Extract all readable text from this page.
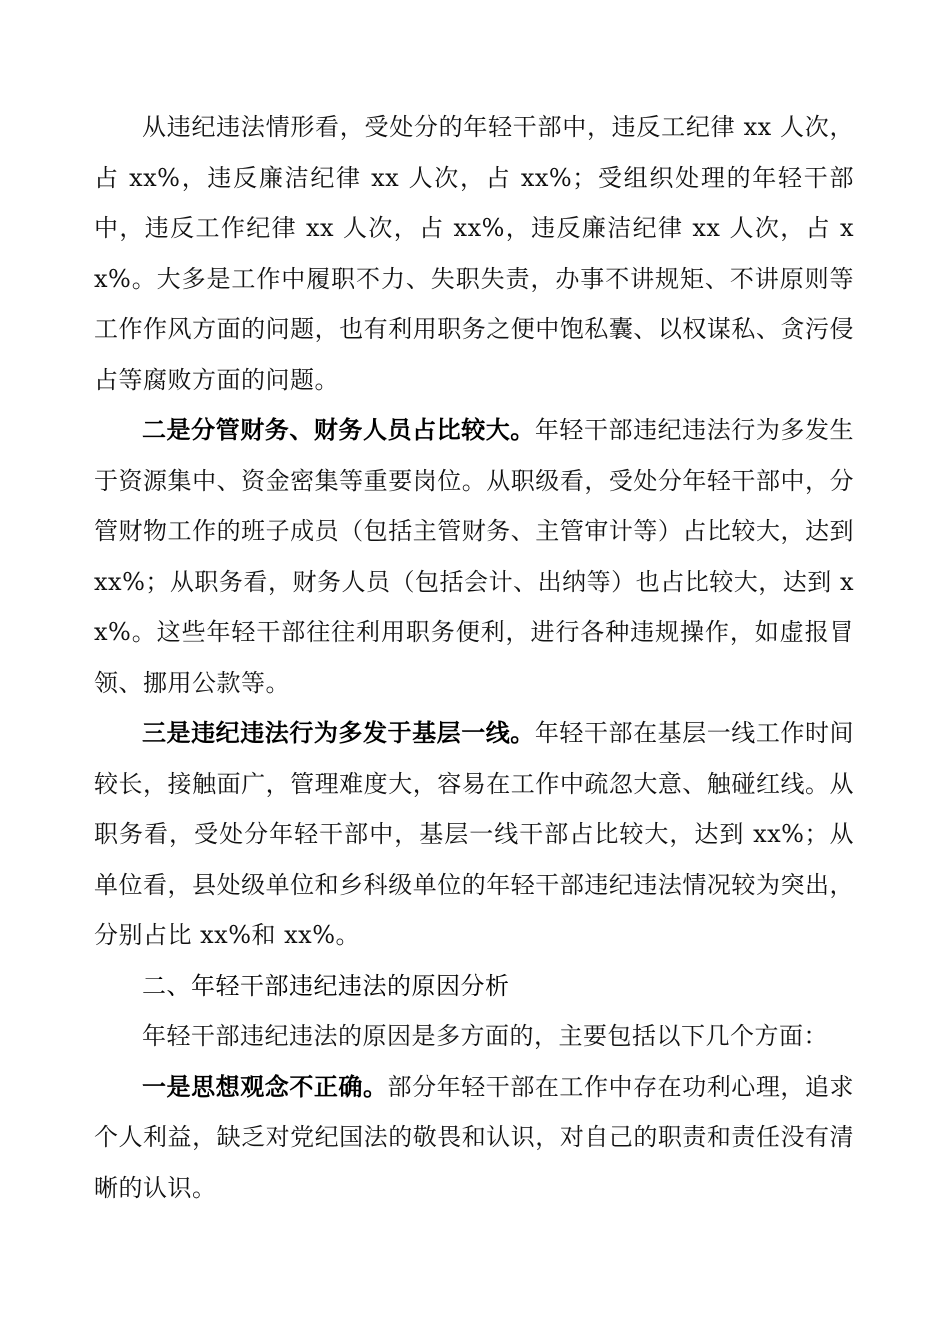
从违纪违法情形看，受处分的年轻干部中，违反工纪律 xx 人次，占 xx%，违反廉洁纪律 xx 人次，占 xx%；受组织处理的年轻干部中，违反工作纪律 xx 人次，占 xx%，违反廉洁纪律 xx 人次，占 xx%。大多是工作中履职不力、失职失责，办事不讲规矩、不讲原则等工作作风方面的问题，也有利用职务之便中饱私囊、以权谋私、贪污侵占等腐败方面的问题。

二是分管财务、财务人员占比较大。年轻干部违纪违法行为多发生于资源集中、资金密集等重要岗位。从职级看，受处分年轻干部中，分管财物工作的班子成员（包括主管财务、主管审计等）占比较大，达到 xx%；从职务看，财务人员（包括会计、出纳等）也占比较大，达到 xx%。这些年轻干部往往利用职务便利，进行各种违规操作，如虚报冒领、挪用公款等。

三是违纪违法行为多发于基层一线。年轻干部在基层一线工作时间较长，接触面广，管理难度大，容易在工作中疏忽大意、触碰红线。从职务看，受处分年轻干部中，基层一线干部占比较大，达到 xx%；从单位看，县处级单位和乡科级单位的年轻干部违纪违法情况较为突出，分别占比 xx%和 xx%。

二、年轻干部违纪违法的原因分析

年轻干部违纪违法的原因是多方面的，主要包括以下几个方面：

一是思想观念不正确。部分年轻干部在工作中存在功利心理，追求个人利益，缺乏对党纪国法的敬畏和认识，对自己的职责和责任没有清晰的认识。
